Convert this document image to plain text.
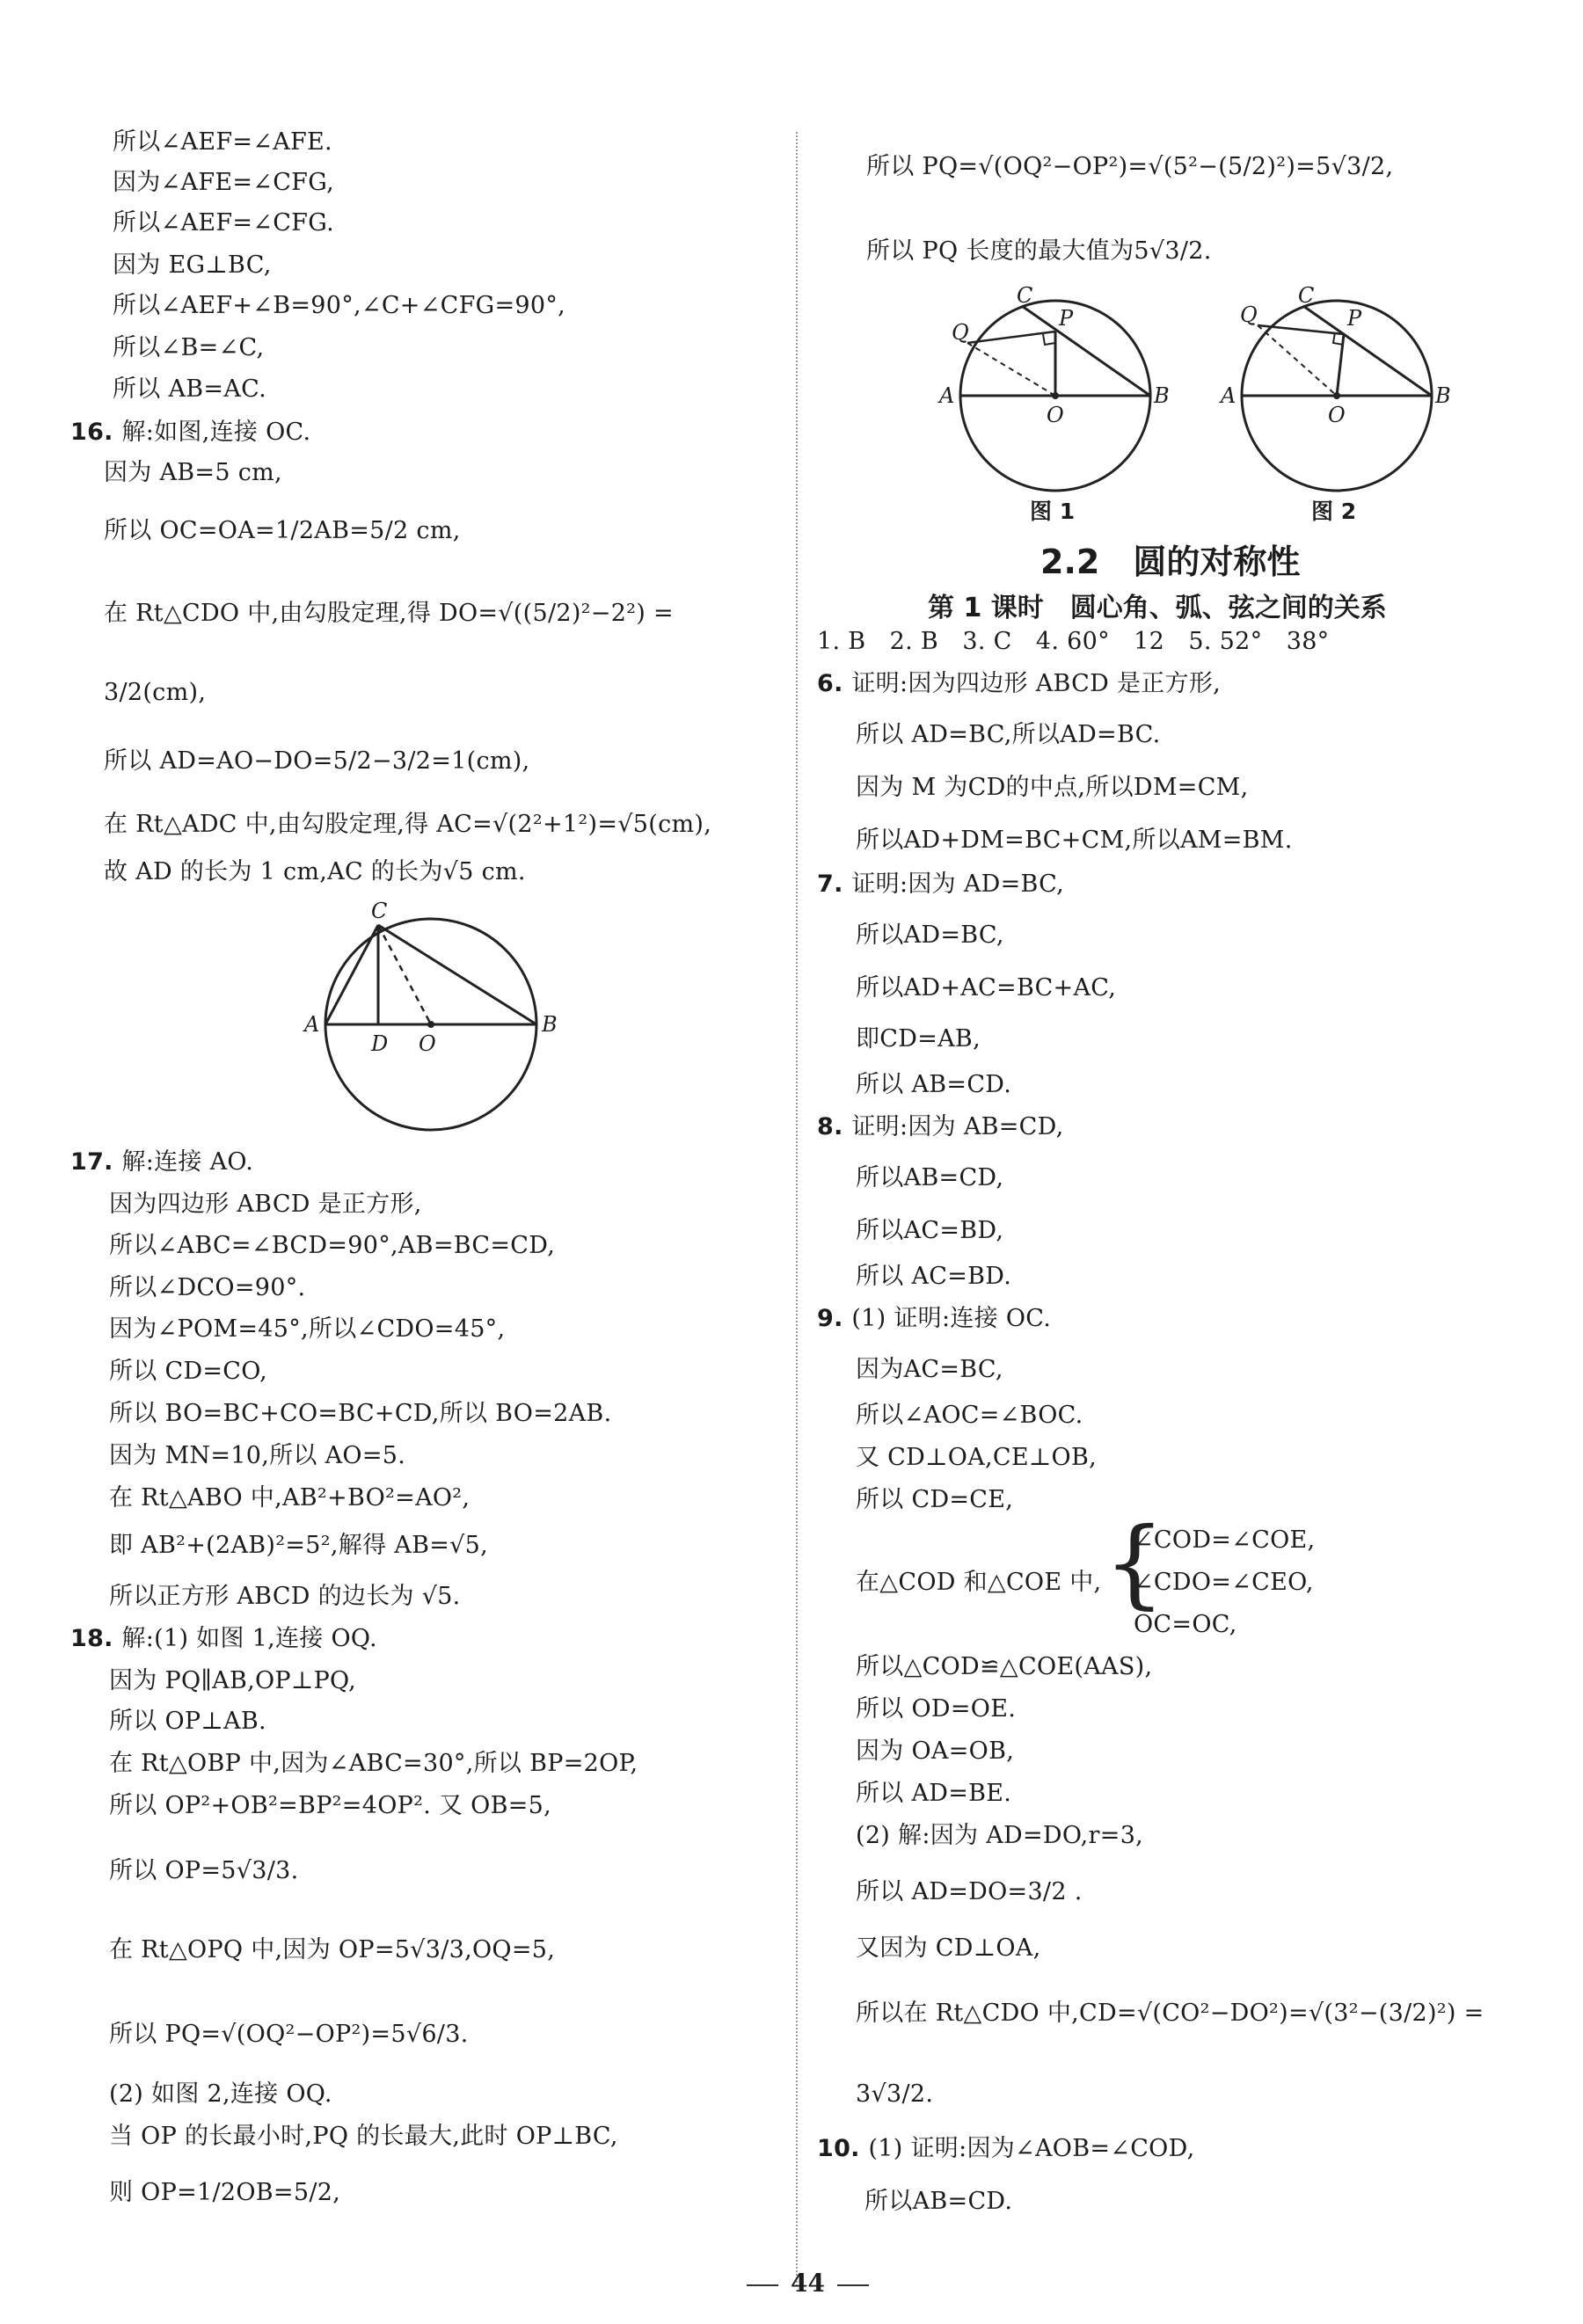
所以∠AEF=∠AFE.
因为∠AFE=∠CFG,
所以∠AEF=∠CFG.
因为 EG⊥BC,
所以∠AEF+∠B=90°,∠C+∠CFG=90°,
所以∠B=∠C,
所以 AB=AC.
16. 解:如图,连接 OC.
因为 AB=5 cm,
所以 OC=OA=1/2AB=5/2 cm,
在 Rt△CDO 中,由勾股定理,得 DO=√((5/2)²−2²) =
3/2(cm),
所以 AD=AO−DO=5/2−3/2=1(cm),
在 Rt△ADC 中,由勾股定理,得 AC=√(2²+1²)=√5(cm),
故 AD 的长为 1 cm,AC 的长为√5 cm.
C
A	B
D O
17. 解:连接 AO.
因为四边形 ABCD 是正方形,
所以∠ABC=∠BCD=90°,AB=BC=CD,
所以∠DCO=90°.
因为∠POM=45°,所以∠CDO=45°,
所以 CD=CO,
所以 BO=BC+CO=BC+CD,所以 BO=2AB.
因为 MN=10,所以 AO=5.
在 Rt△ABO 中,AB²+BO²=AO²,
即 AB²+(2AB)²=5²,解得 AB=√5,
所以正方形 ABCD 的边长为 √5.
18. 解:(1) 如图 1,连接 OQ.
因为 PQ∥AB,OP⊥PQ,
所以 OP⊥AB.
在 Rt△OBP 中,因为∠ABC=30°,所以 BP=2OP,
所以 OP²+OB²=BP²=4OP². 又 OB=5,
所以 OP=5√3/3.
在 Rt△OPQ 中,因为 OP=5√3/3,OQ=5,
所以 PQ=√(OQ²−OP²)=5√6/3.
(2) 如图 2,连接 OQ.
当 OP 的长最小时,PQ 的长最大,此时 OP⊥BC,
则 OP=1/2OB=5/2,
所以 PQ=√(OQ²−OP²)=√(5²−(5/2)²)=5√3/2,
所以 PQ 长度的最大值为5√3/2.
C
Q
P
A	B
O
图 1
C
Q	P
A	B
O
图 2
2.2　圆的对称性
第 1 课时　圆心角、弧、弦之间的关系
1. B　2. B　3. C　4. 60°　12　5. 52°　38°
6. 证明:因为四边形 ABCD 是正方形,
所以 AD=BC,所以AD=BC.
因为 M 为CD的中点,所以DM=CM,
所以AD+DM=BC+CM,所以AM=BM.
7. 证明:因为 AD=BC,
所以AD=BC,
所以AD+AC=BC+AC,
即CD=AB,
所以 AB=CD.
8. 证明:因为 AB=CD,
所以AB=CD,
所以AC=BD,
所以 AC=BD.
9. (1) 证明:连接 OC.
因为AC=BC,
所以∠AOC=∠BOC.
又 CD⊥OA,CE⊥OB,
所以 CD=CE,
在△COD 和△COE 中, {
∠COD=∠COE,
∠CDO=∠CEO,
OC=OC,
所以△COD≌△COE(AAS),
所以 OD=OE.
因为 OA=OB,
所以 AD=BE.
(2) 解:因为 AD=DO,r=3,
所以 AD=DO=3/2 .
又因为 CD⊥OA,
所以在 Rt△CDO 中,CD=√(CO²−DO²)=√(3²−(3/2)²) =
3√3/2.
10. (1) 证明:因为∠AOB=∠COD,
所以AB=CD.
44
